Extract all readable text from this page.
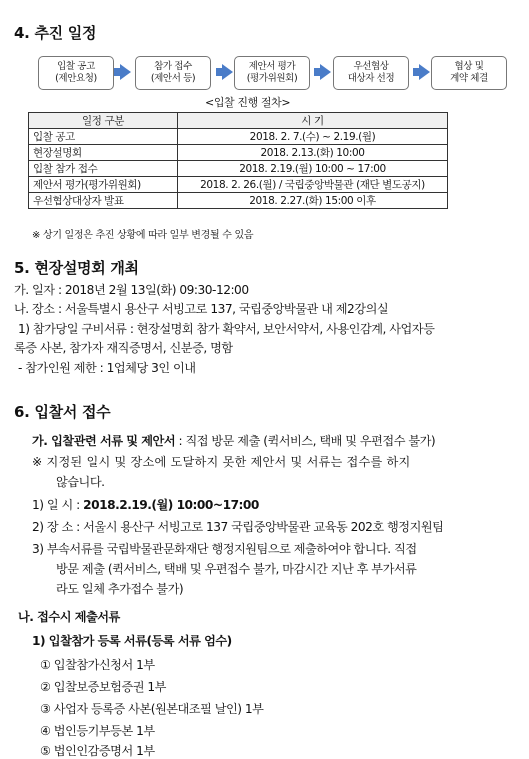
4. 추진 일정
입찰 공고
(제안요청)
참가 접수
(제안서 등)
제안서 평가
(평가위원회)
우선협상
대상자 선정
협상 및
계약 체결
<입찰 진행 절차>
일정 구분	시 기
입찰 공고	2018. 2. 7.(수) ~ 2.19.(월)
현장설명회	2018. 2.13.(화) 10:00
입찰 참가 접수	2018. 2.19.(월) 10:00 ~ 17:00
제안서 평가(평가위원회)	2018. 2. 26.(월) / 국립중앙박물관 (재단 별도공지)
우선협상대상자 발표	2018. 2.27.(화) 15:00 이후
※ 상기 일정은 추진 상황에 따라 일부 변경될 수 있음
5. 현장설명회 개최
가. 일자 : 2018년 2월 13일(화) 09:30-12:00
나. 장소 : 서울특별시 용산구 서빙고로 137, 국립중앙박물관 내 제2강의실
1) 참가당일 구비서류 : 현장설명회 참가 확약서, 보안서약서, 사용인감계, 사업자등
록증 사본, 참가자 재직증명서, 신분증, 명함
- 참가인원 제한 : 1업체당 3인 이내
6. 입찰서 접수
가. 입찰관련 서류 및 제안서 : 직접 방문 제출 (퀵서비스, 택배 및 우편접수 불가)
※ 지정된 일시 및 장소에 도달하지 못한 제안서 및 서류는 접수를 하지
않습니다.
1) 일 시 : 2018.2.19.(월) 10:00~17:00
2) 장 소 : 서울시 용산구 서빙고로 137 국립중앙박물관 교육동 202호 행정지원팀
3) 부속서류를 국립박물관문화재단 행정지원팀으로 제출하여야 합니다. 직접
방문 제출 (퀵서비스, 택배 및 우편접수 불가, 마감시간 지난 후 부가서류
라도 일체 추가접수 불가)
나. 접수시 제출서류
1) 입찰참가 등록 서류(등록 서류 엄수)
① 입찰참가신청서 1부
② 입찰보증보험증권 1부
③ 사업자 등록증 사본(원본대조필 날인) 1부
④ 법인등기부등본 1부
⑤ 법인인감증명서 1부
